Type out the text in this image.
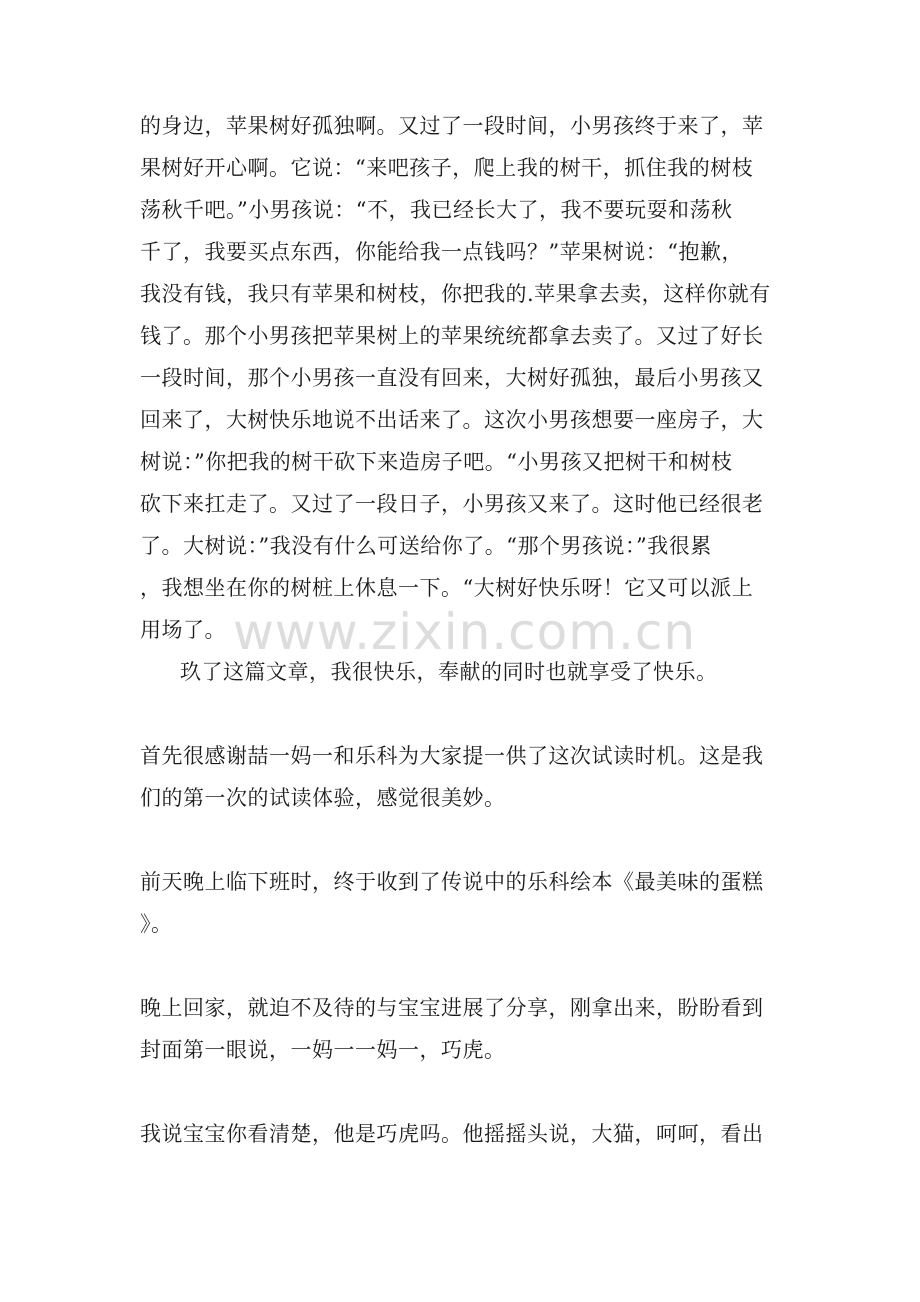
的身边，苹果树好孤独啊。又过了一段时间，小男孩终于来了，苹
果树好开心啊。它说：“来吧孩子，爬上我的树干，抓住我的树枝
荡秋千吧。”小男孩说：“不，我已经长大了，我不要玩耍和荡秋
千了，我要买点东西，你能给我一点钱吗？”苹果树说：“抱歉，
我没有钱，我只有苹果和树枝，你把我的.苹果拿去卖，这样你就有
钱了。那个小男孩把苹果树上的苹果统统都拿去卖了。又过了好长
一段时间，那个小男孩一直没有回来，大树好孤独，最后小男孩又
回来了，大树快乐地说不出话来了。这次小男孩想要一座房子，大
树说：”你把我的树干砍下来造房子吧。“小男孩又把树干和树枝
砍下来扛走了。又过了一段日子，小男孩又来了。这时他已经很老
了。大树说：”我没有什么可送给你了。“那个男孩说：”我很累
，我想坐在你的树桩上休息一下。“大树好快乐呀！它又可以派上
用场了。 www.zixin.com.cn
玖了这篇文章，我很快乐，奉献的同时也就享受了快乐。
首先很感谢喆一妈一和乐科为大家提一供了这次试读时机。这是我
们的第一次的试读体验，感觉很美妙。
前天晚上临下班时，终于收到了传说中的乐科绘本《最美味的蛋糕
》。
晚上回家，就迫不及待的与宝宝进展了分享，刚拿出来，盼盼看到
封面第一眼说，一妈一一妈一，巧虎。
我说宝宝你看清楚，他是巧虎吗。他摇摇头说，大猫，呵呵，看出
